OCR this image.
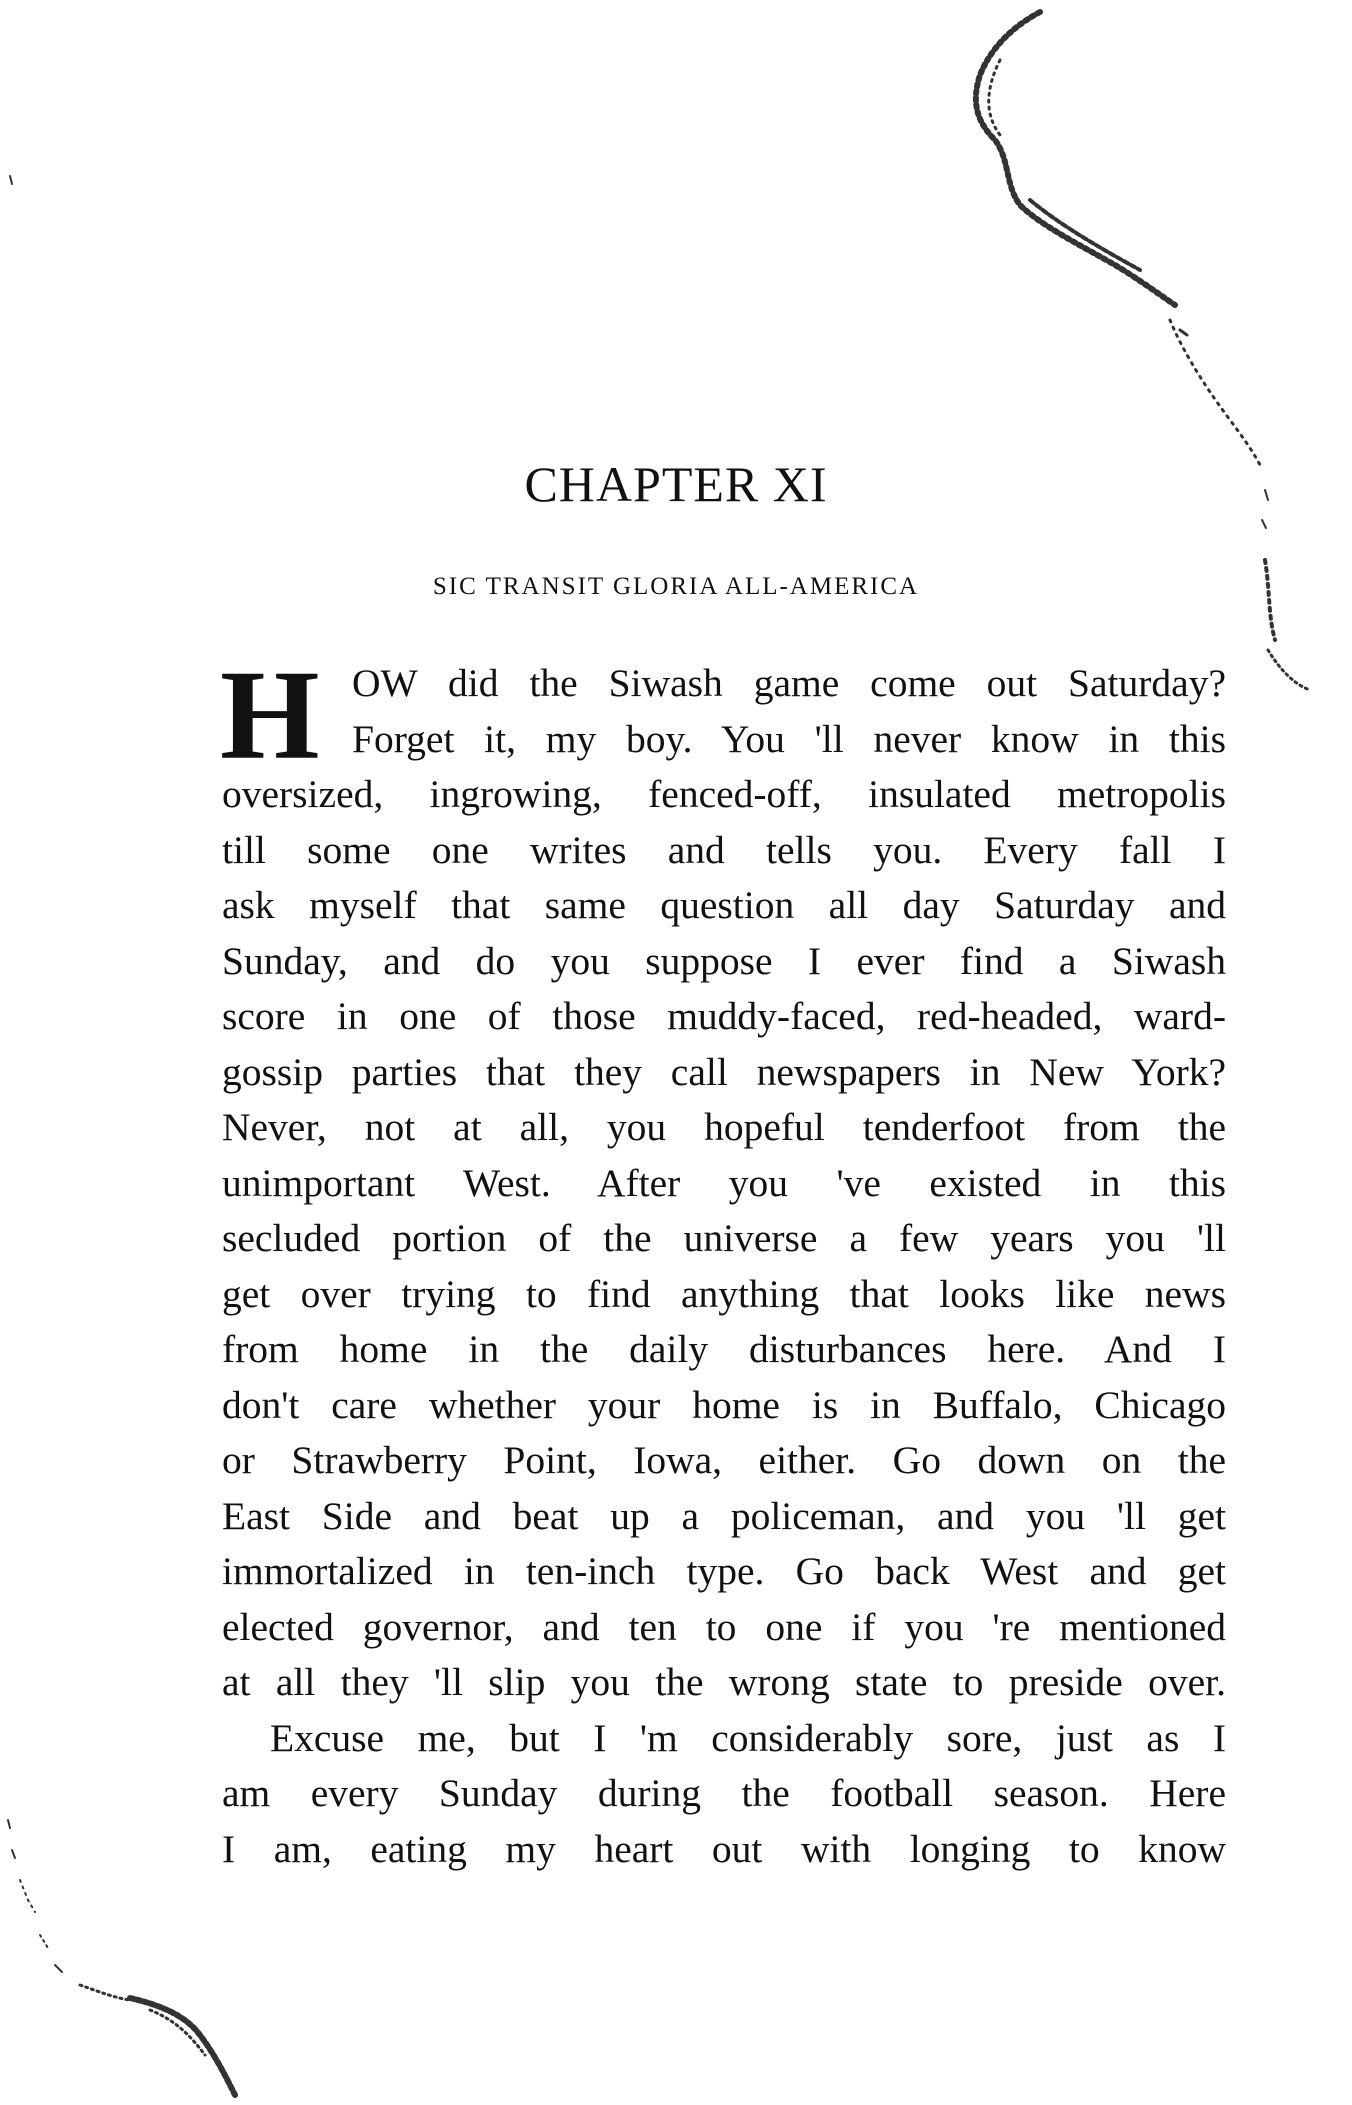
CHAPTER XI
SIC TRANSIT GLORIA ALL-AMERICA
H OW did the Siwash game come out Saturday?
Forget it, my boy. You 'll never know in this
oversized, ingrowing, fenced-off, insulated metropolis
till some one writes and tells you. Every fall I
ask myself that same question all day Saturday and
Sunday, and do you suppose I ever find a Siwash
score in one of those muddy-faced, red-headed, ward-
gossip parties that they call newspapers in New York?
Never, not at all, you hopeful tenderfoot from the
unimportant West. After you 've existed in this
secluded portion of the universe a few years you 'll
get over trying to find anything that looks like news
from home in the daily disturbances here. And I
don't care whether your home is in Buffalo, Chicago
or Strawberry Point, Iowa, either. Go down on the
East Side and beat up a policeman, and you 'll get
immortalized in ten-inch type. Go back West and get
elected governor, and ten to one if you 're mentioned
at all they 'll slip you the wrong state to preside over.
Excuse me, but I 'm considerably sore, just as I
am every Sunday during the football season. Here
I am, eating my heart out with longing to know
